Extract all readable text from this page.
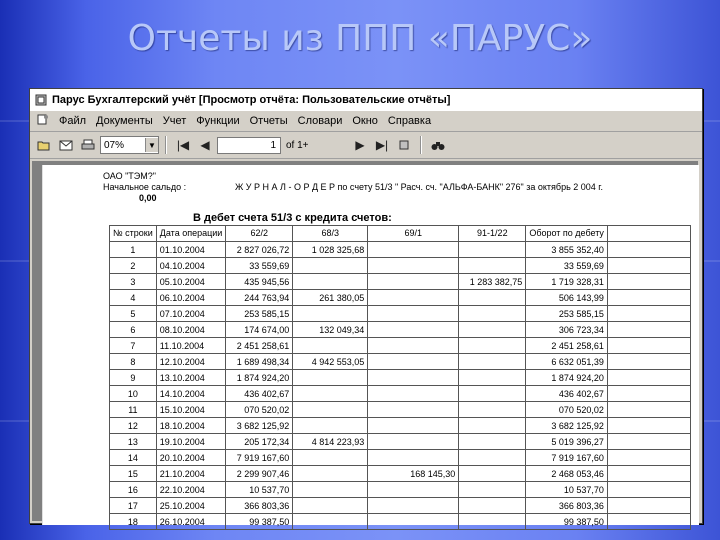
Отчеты из ППП «ПАРУС»
Парус Бухгалтерский учёт [Просмотр отчёта: Пользовательские отчёты]
Файл Документы Учет Функции Отчеты Словари Окно Справка
07%	▼	|◀ ◀	1	of 1+	▶ ▶|
ОАО "ТЭМ?"
Начальное сальдо :
0,00
Ж У Р Н А Л - О Р Д Е Р по счету 51/3 " Расч. сч. "АЛЬФА-БАНК" 276" за октябрь 2 004 г.
В дебет счета 51/3 с кредита счетов:
№ строки	Дата операции	62/2	68/3	69/1	91-1/22	Оборот по дебету	
1	01.10.2004	2 827 026,72	1 028 325,68			3 855 352,40	
2	04.10.2004	33 559,69				33 559,69	
3	05.10.2004	435 945,56			1 283 382,75	1 719 328,31	
4	06.10.2004	244 763,94	261 380,05			506 143,99	
5	07.10.2004	253 585,15				253 585,15	
6	08.10.2004	174 674,00	132 049,34			306 723,34	
7	11.10.2004	2 451 258,61				2 451 258,61	
8	12.10.2004	1 689 498,34	4 942 553,05			6 632 051,39	
9	13.10.2004	1 874 924,20				1 874 924,20	
10	14.10.2004	436 402,67				436 402,67	
11	15.10.2004	070 520,02				070 520,02	
12	18.10.2004	3 682 125,92				3 682 125,92	
13	19.10.2004	205 172,34	4 814 223,93			5 019 396,27	
14	20.10.2004	7 919 167,60				7 919 167,60	
15	21.10.2004	2 299 907,46		168 145,30		2 468 053,46	
16	22.10.2004	10 537,70				10 537,70	
17	25.10.2004	366 803,36				366 803,36	
18	26.10.2004	99 387,50				99 387,50	
